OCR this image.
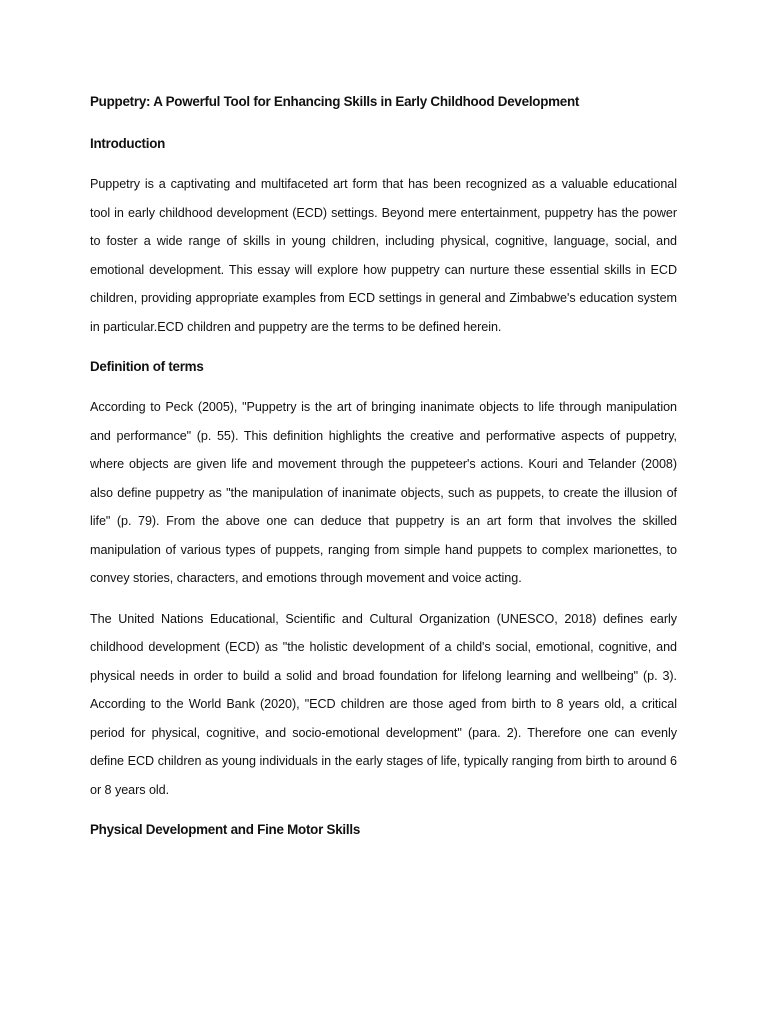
Puppetry: A Powerful Tool for Enhancing Skills in Early Childhood Development
Introduction

Puppetry is a captivating and multifaceted art form that has been recognized as a valuable educational tool in early childhood development (ECD) settings. Beyond mere entertainment, puppetry has the power to foster a wide range of skills in young children, including physical, cognitive, language, social, and emotional development. This essay will explore how puppetry can nurture these essential skills in ECD children, providing appropriate examples from ECD settings in general and Zimbabwe's education system in particular.ECD children and puppetry are the terms to be defined herein.

Definition of terms

According to Peck (2005), "Puppetry is the art of bringing inanimate objects to life through manipulation and performance" (p. 55). This definition highlights the creative and performative aspects of puppetry, where objects are given life and movement through the puppeteer's actions. Kouri and Telander (2008) also define puppetry as "the manipulation of inanimate objects, such as puppets, to create the illusion of life" (p. 79). From the above one can deduce that puppetry is an art form that involves the skilled manipulation of various types of puppets, ranging from simple hand puppets to complex marionettes, to convey stories, characters, and emotions through movement and voice acting.

The United Nations Educational, Scientific and Cultural Organization (UNESCO, 2018) defines early childhood development (ECD) as "the holistic development of a child's social, emotional, cognitive, and physical needs in order to build a solid and broad foundation for lifelong learning and wellbeing" (p. 3). According to the World Bank (2020), "ECD children are those aged from birth to 8 years old, a critical period for physical, cognitive, and socio-emotional development" (para. 2). Therefore one can evenly define ECD children as young individuals in the early stages of life, typically ranging from birth to around 6 or 8 years old.

Physical Development and Fine Motor Skills
